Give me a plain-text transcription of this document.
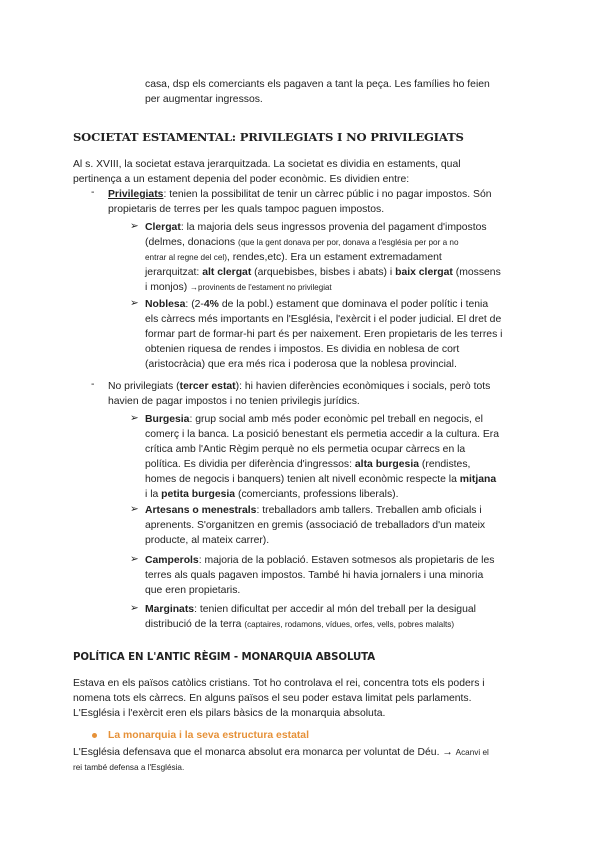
casa, dsp els comerciants els pagaven a tant la peça. Les famílies ho feien

per augmentar ingressos.

SOCIETAT ESTAMENTAL: PRIVILEGIATS I NO PRIVILEGIATS

Al s. XVIII, la societat estava jerarquitzada. La societat es dividia en estaments, qual

pertinença a un estament depenia del poder econòmic. Es dividien entre:

- Privilegiats: tenien la possibilitat de tenir un càrrec públic i no pagar impostos. Són

propietaris de terres per les quals tampoc paguen impostos.

➢ Clergat: la majoria dels seus ingressos provenia del pagament d'impostos

(delmes, donacions (que la gent donava per por, donava a l'església per por a no

entrar al regne del cel), rendes,etc). Era un estament extremadament

jerarquitzat: alt clergat (arquebisbes, bisbes i abats) i baix clergat (mossens

i monjos) →provinents de l'estament no privilegiat

➢ Noblesa: (2-4% de la pobl.) estament que dominava el poder polític i tenia

els càrrecs més importants en l'Església, l'exèrcit i el poder judicial. El dret de

formar part de formar-hi part és per naixement. Eren propietaris de les terres i

obtenien riquesa de rendes i impostos. Es dividia en noblesa de cort

(aristocràcia) que era més rica i poderosa que la noblesa provincial.

- No privilegiats (tercer estat): hi havien diferències econòmiques i socials, però tots

havien de pagar impostos i no tenien privilegis jurídics.

➢ Burgesia: grup social amb més poder econòmic pel treball en negocis, el

comerç i la banca. La posició benestant els permetia accedir a la cultura. Era

crítica amb l'Antic Règim perquè no els permetia ocupar càrrecs en la

política. Es dividia per diferència d'ingressos: alta burgesia (rendistes,

homes de negocis i banquers) tenien alt nivell econòmic respecte la mitjana

i la petita burgesia (comerciants, professions liberals).

➢ Artesans o menestrals: treballadors amb tallers. Treballen amb oficials i

aprenents. S'organitzen en gremis (associació de treballadors d'un mateix

producte, al mateix carrer).

➢ Camperols: majoria de la població. Estaven sotmesos als propietaris de les

terres als quals pagaven impostos. També hi havia jornalers i una minoria

que eren propietaris.

➢ Marginats: tenien dificultat per accedir al món del treball per la desigual

distribució de la terra (captaires, rodamons, vídues, orfes, vells, pobres malalts)

POLÍTICA EN L'ANTIC RÈGIM - MONARQUIA ABSOLUTA

Estava en els països catòlics cristians. Tot ho controlava el rei, concentra tots els poders i

nomena tots els càrrecs. En alguns països el seu poder estava limitat pels parlaments.

L'Església i l'exèrcit eren els pilars bàsics de la monarquia absoluta.

La monarquia i la seva estructura estatal

L'Església defensava que el monarca absolut era monarca per voluntat de Déu. → Acanvi el

rei també defensa a l'Església.
